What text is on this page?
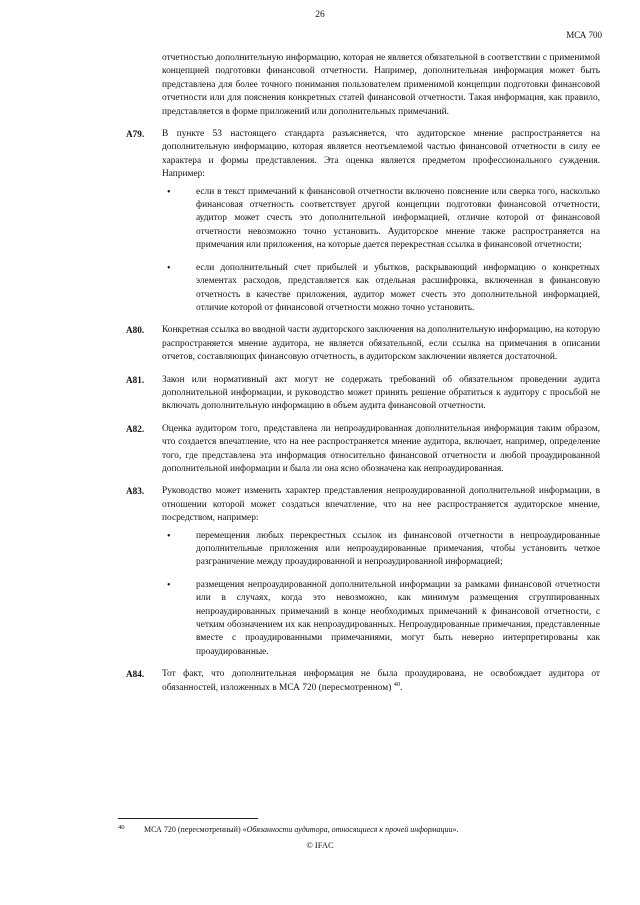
26
МСА 700

отчетностью дополнительную информацию, которая не является обязательной в соответствии с применимой концепцией подготовки финансовой отчетности. Например, дополнительная информация может быть представлена для более точного понимания пользователем применимой концепции подготовки финансовой отчетности или для пояснения конкретных статей финансовой отчетности. Такая информация, как правило, представляется в форме приложений или дополнительных примечаний.

A79. В пункте 53 настоящего стандарта разъясняется, что аудиторское мнение распространяется на дополнительную информацию, которая является неотъемлемой частью финансовой отчетности в силу ее характера и формы представления. Эта оценка является предметом профессионального суждения. Например:

•	если в текст примечаний к финансовой отчетности включено пояснение или сверка того, насколько финансовая отчетность соответствует другой концепции подготовки финансовой отчетности, аудитор может счесть это дополнительной информацией, отличие которой от финансовой отчетности невозможно точно установить. Аудиторское мнение также распространяется на примечания или приложения, на которые дается перекрестная ссылка в финансовой отчетности;
•	если дополнительный счет прибылей и убытков, раскрывающий информацию о конкретных элементах расходов, представляется как отдельная расшифровка, включенная в финансовую отчетность в качестве приложения, аудитор может счесть это дополнительной информацией, отличие которой от финансовой отчетности можно точно установить.
A80. Конкретная ссылка во вводной части аудиторского заключения на дополнительную информацию, на которую распространяется мнение аудитора, не является обязательной, если ссылка на примечания в описании отчетов, составляющих финансовую отчетность, в аудиторском заключении является достаточной.

A81. Закон или нормативный акт могут не содержать требований об обязательном проведении аудита дополнительной информации, и руководство может принять решение обратиться к аудитору с просьбой не включать дополнительную информацию в объем аудита финансовой отчетности.

A82. Оценка аудитором того, представлена ли непроаудированная дополнительная информация таким образом, что создается впечатление, что на нее распространяется мнение аудитора, включает, например, определение того, где представлена эта информация относительно финансовой отчетности и любой проаудированной дополнительной информации и была ли она ясно обозначена как непроаудированная.

A83. Руководство может изменить характер представления непроаудированной дополнительной информации, в отношении которой может создаться впечатление, что на нее распространяется аудиторское мнение, посредством, например:

•	перемещения любых перекрестных ссылок из финансовой отчетности в непроаудированные дополнительные приложения или непроаудированные примечания, чтобы установить четкое разграничение между проаудированной и непроаудированной информацией;
•	размещения непроаудированной дополнительной информации за рамками финансовой отчетности или в случаях, когда это невозможно, как минимум размещения сгруппированных непроаудированных примечаний в конце необходимых примечаний к финансовой отчетности, с четким обозначением их как непроаудированных. Непроаудированные примечания, представленные вместе с проаудированными примечаниями, могут быть неверно интерпретированы как проаудированные.
A84. Тот факт, что дополнительная информация не была проаудирована, не освобождает аудитора от обязанностей, изложенных в МСА 720 (пересмотренном) $^{40}$.

40	МСА 720 (пересмотренный) «Обязанности аудитора, относящиеся к прочей информации».
© IFAC
